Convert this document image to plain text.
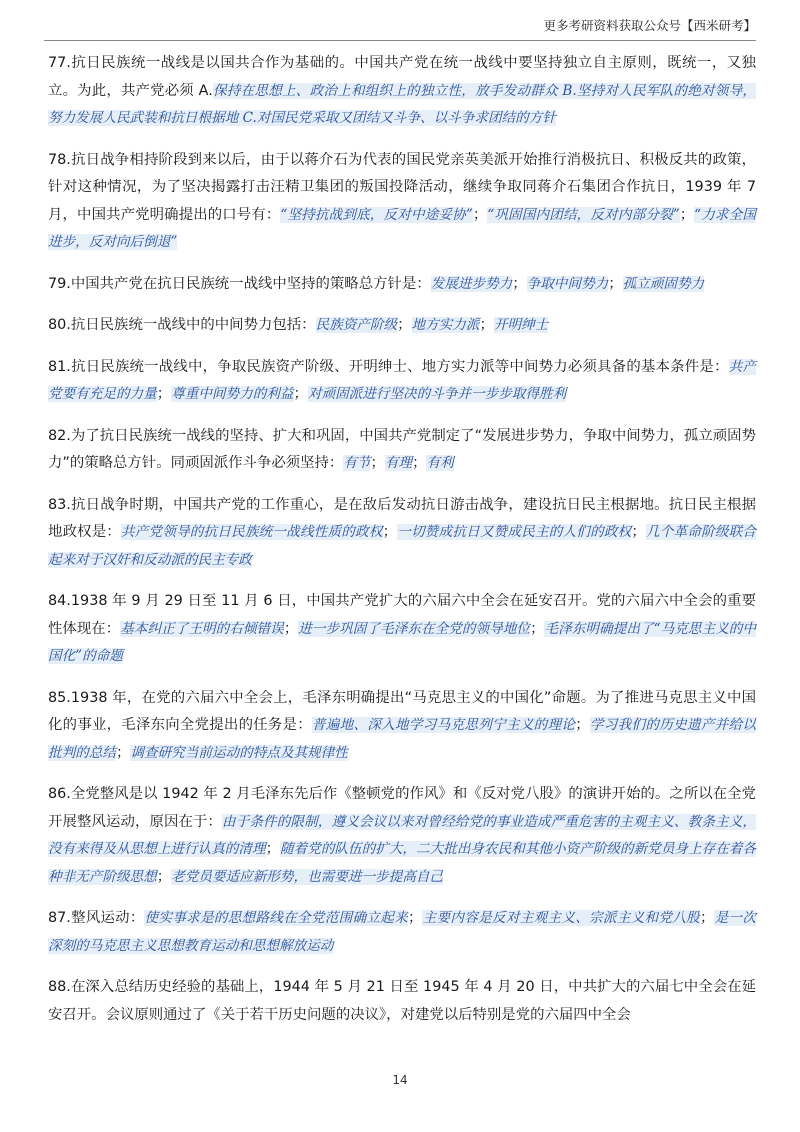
更多考研资料获取公众号【西米研考】

77.抗日民族统一战线是以国共合作为基础的。中国共产党在统一战线中要坚持独立自主原则，既统一，又独立。为此，共产党必须 A.保持在思想上、政治上和组织上的独立性，放手发动群众 B.坚持对人民军队的绝对领导，努力发展人民武装和抗日根据地 C.对国民党采取又团结又斗争、以斗争求团结的方针

78.抗日战争相持阶段到来以后，由于以蒋介石为代表的国民党亲英美派开始推行消极抗日、积极反共的政策，针对这种情况，为了坚决揭露打击汪精卫集团的叛国投降活动，继续争取同蒋介石集团合作抗日，1939 年 7 月，中国共产党明确提出的口号有：“坚持抗战到底，反对中途妥协”；“巩固国内团结，反对内部分裂”；“力求全国进步，反对向后倒退”

79.中国共产党在抗日民族统一战线中坚持的策略总方针是：发展进步势力；争取中间势力；孤立顽固势力

80.抗日民族统一战线中的中间势力包括：民族资产阶级；地方实力派；开明绅士

81.抗日民族统一战线中，争取民族资产阶级、开明绅士、地方实力派等中间势力必须具备的基本条件是：共产党要有充足的力量；尊重中间势力的利益；对顽固派进行坚决的斗争并一步步取得胜利

82.为了抗日民族统一战线的坚持、扩大和巩固，中国共产党制定了“发展进步势力，争取中间势力，孤立顽固势力”的策略总方针。同顽固派作斗争必须坚持：有节；有理；有利

83.抗日战争时期，中国共产党的工作重心，是在敌后发动抗日游击战争，建设抗日民主根据地。抗日民主根据地政权是：共产党领导的抗日民族统一战线性质的政权；一切赞成抗日又赞成民主的人们的政权；几个革命阶级联合起来对于汉奸和反动派的民主专政

84.1938 年 9 月 29 日至 11 月 6 日，中国共产党扩大的六届六中全会在延安召开。党的六届六中全会的重要性体现在：基本纠正了王明的右倾错误；进一步巩固了毛泽东在全党的领导地位；毛泽东明确提出了“马克思主义的中国化”的命题

85.1938 年，在党的六届六中全会上，毛泽东明确提出“马克思主义的中国化”命题。为了推进马克思主义中国化的事业，毛泽东向全党提出的任务是：普遍地、深入地学习马克思列宁主义的理论；学习我们的历史遗产并给以批判的总结；调查研究当前运动的特点及其规律性

86.全党整风是以 1942 年 2 月毛泽东先后作《整顿党的作风》和《反对党八股》的演讲开始的。之所以在全党开展整风运动，原因在于：由于条件的限制，遵义会议以来对曾经给党的事业造成严重危害的主观主义、教条主义，没有来得及从思想上进行认真的清理；随着党的队伍的扩大，二大批出身农民和其他小资产阶级的新党员身上存在着各种非无产阶级思想；老党员要适应新形势，也需要进一步提高自己

87.整风运动：使实事求是的思想路线在全党范围确立起来；主要内容是反对主观主义、宗派主义和党八股；是一次深刻的马克思主义思想教育运动和思想解放运动

88.在深入总结历史经验的基础上，1944 年 5 月 21 日至 1945 年 4 月 20 日，中共扩大的六届七中全会在延安召开。会议原则通过了《关于若干历史问题的决议》，对建党以后特别是党的六届四中全会

14
